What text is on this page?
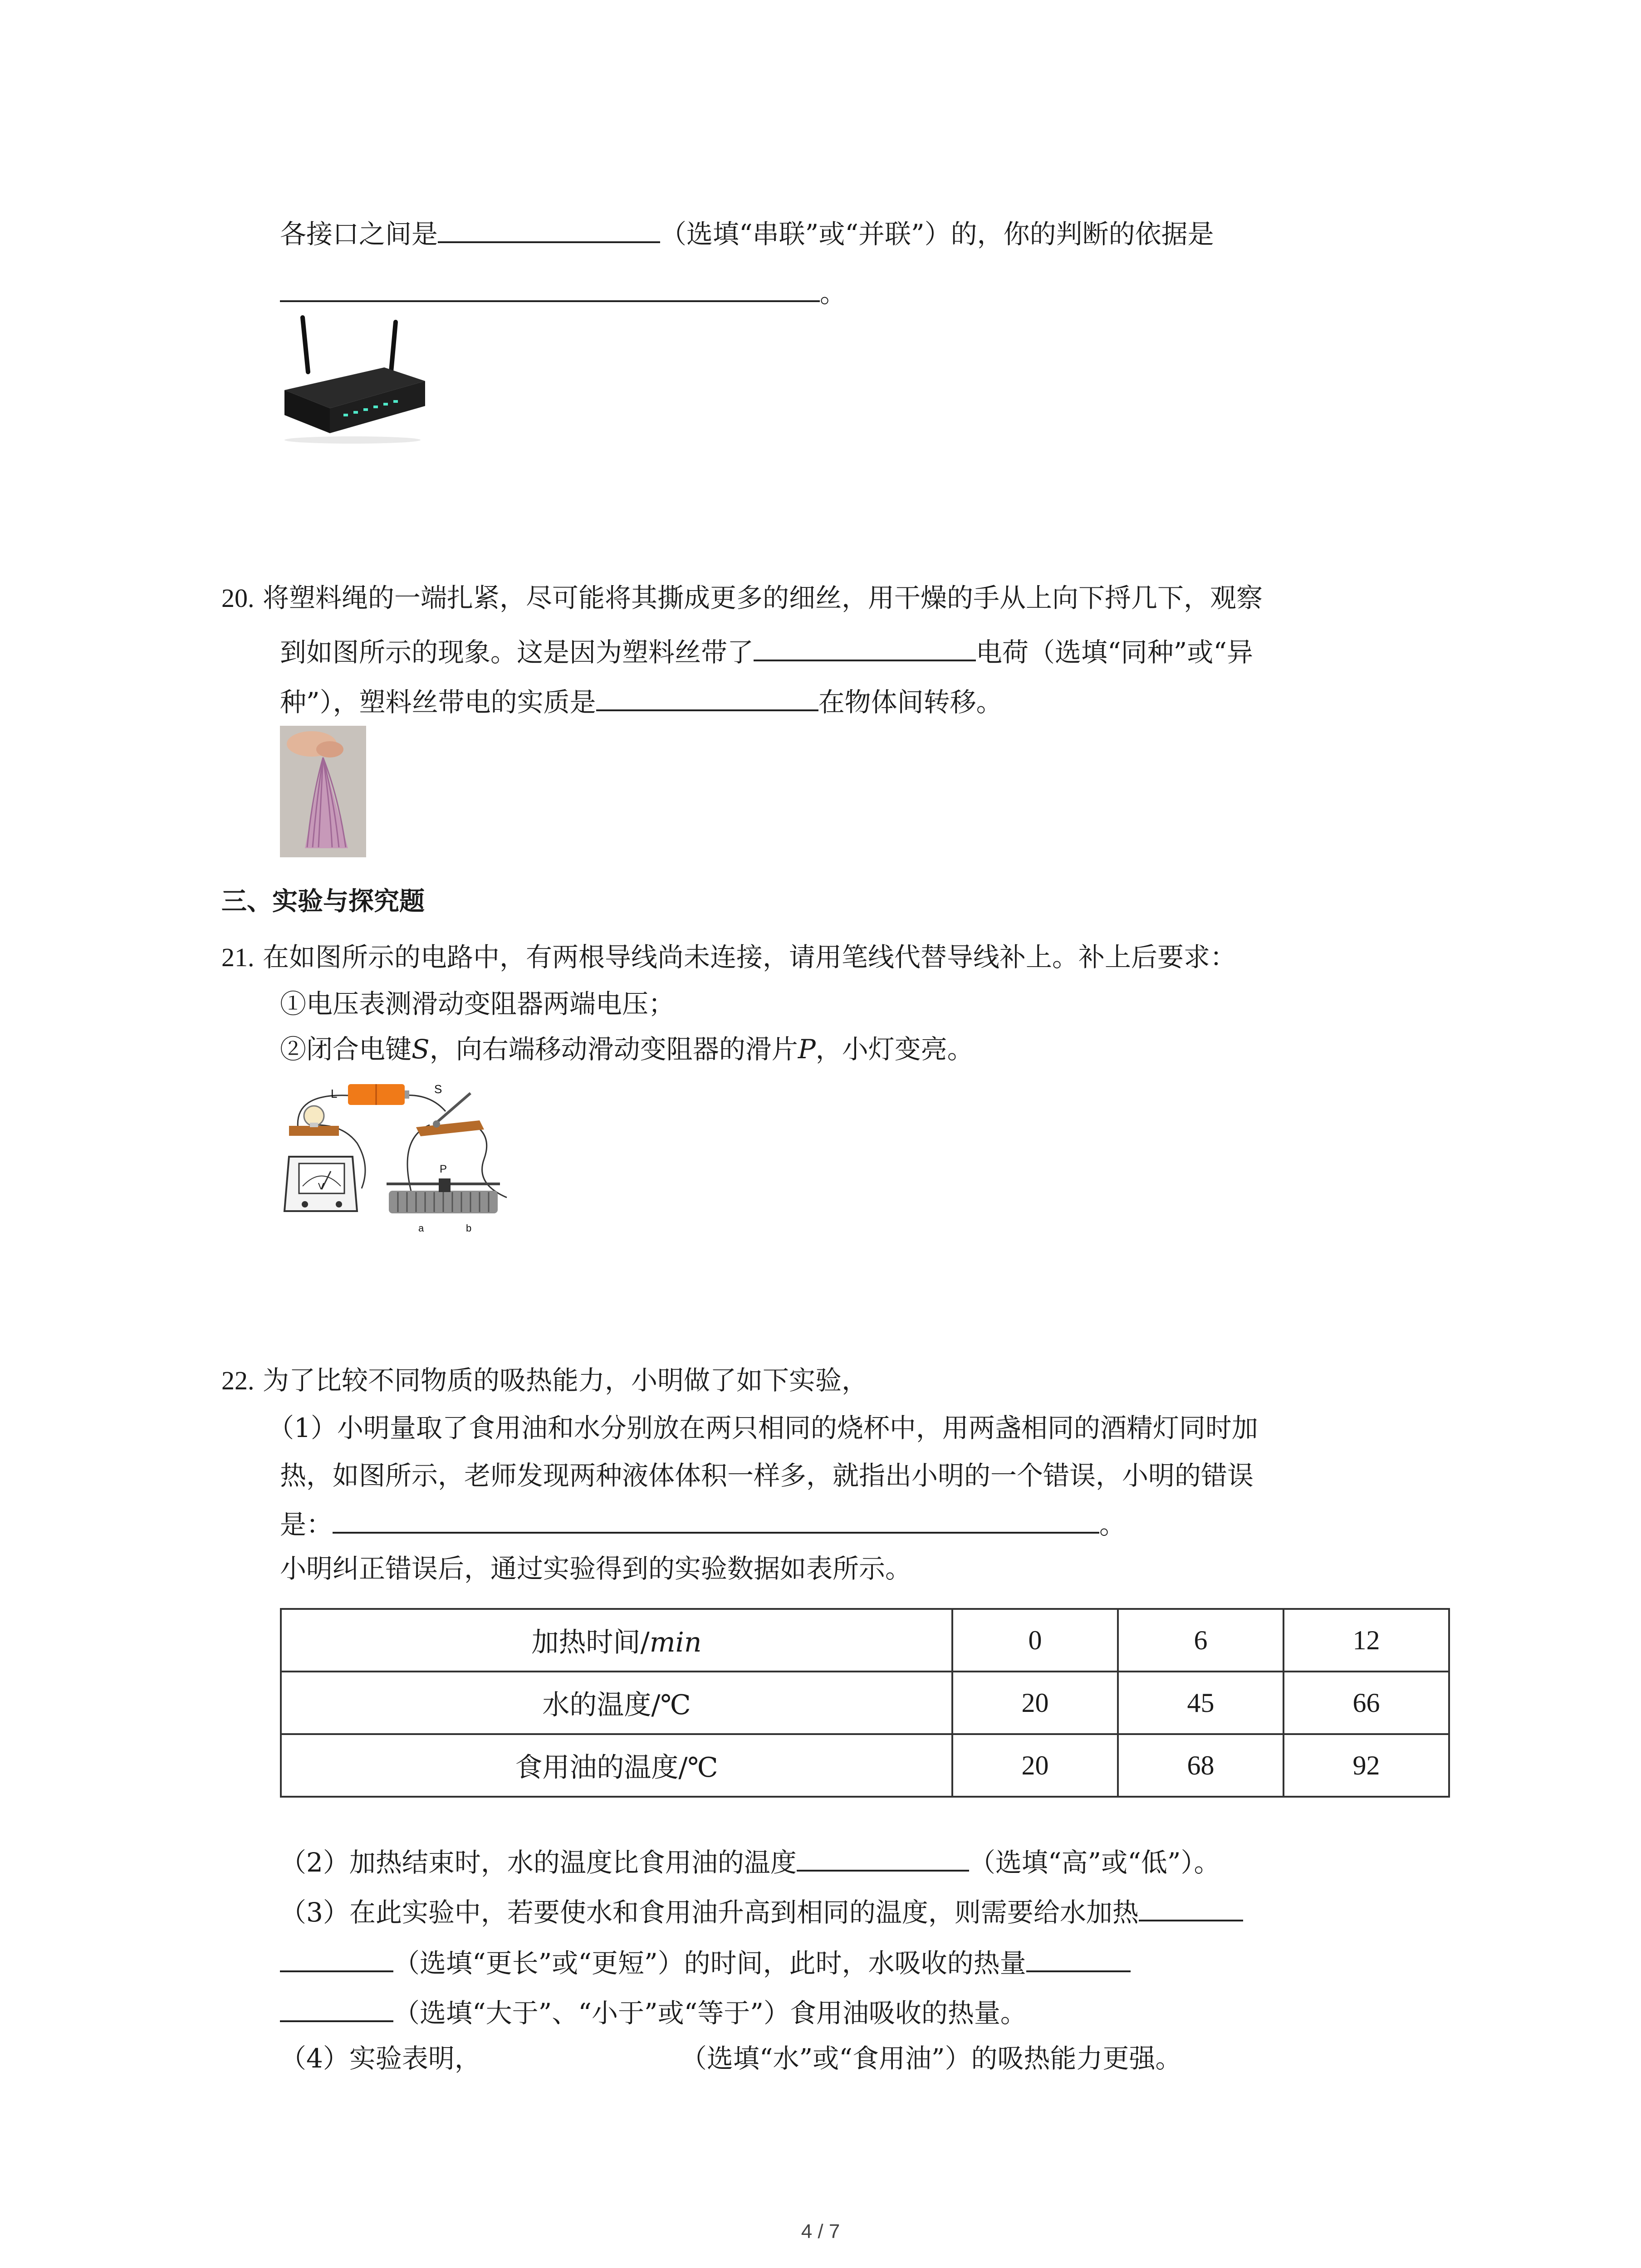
各接口之间是	（选填“串联”或“并联”）的，你的判断的依据是
。
20. 将塑料绳的一端扎紧，尽可能将其撕成更多的细丝，用干燥的手从上向下捋几下，观察
到如图所示的现象。这是因为塑料丝带了	电荷（选填“同种”或“异
种”），塑料丝带电的实质是	在物体间转移。
三、实验与探究题
21. 在如图所示的电路中，有两根导线尚未连接，请用笔线代替导线补上。补上后要求：
①电压表测滑动变阻器两端电压；
②闭合电键S，向右端移动滑动变阻器的滑片P，小灯变亮。
L	S
V
P
a	b
22. 为了比较不同物质的吸热能力，小明做了如下实验，
（1）小明量取了食用油和水分别放在两只相同的烧杯中，用两盏相同的酒精灯同时加
热，如图所示，老师发现两种液体体积一样多，就指出小明的一个错误，小明的错误
是：	。
小明纠正错误后，通过实验得到的实验数据如表所示。
加热时间/min	0	6	12
水的温度/℃	20	45	66
食用油的温度/℃	20	68	92
（2）加热结束时，水的温度比食用油的温度	（选填“高”或“低”）。
（3）在此实验中，若要使水和食用油升高到相同的温度，则需要给水加热
（选填“更长”或“更短”）的时间，此时，水吸收的热量
（选填“大于”、“小于”或“等于”）食用油吸收的热量。
（4）实验表明，	（选填“水”或“食用油”）的吸热能力更强。
4 / 7
